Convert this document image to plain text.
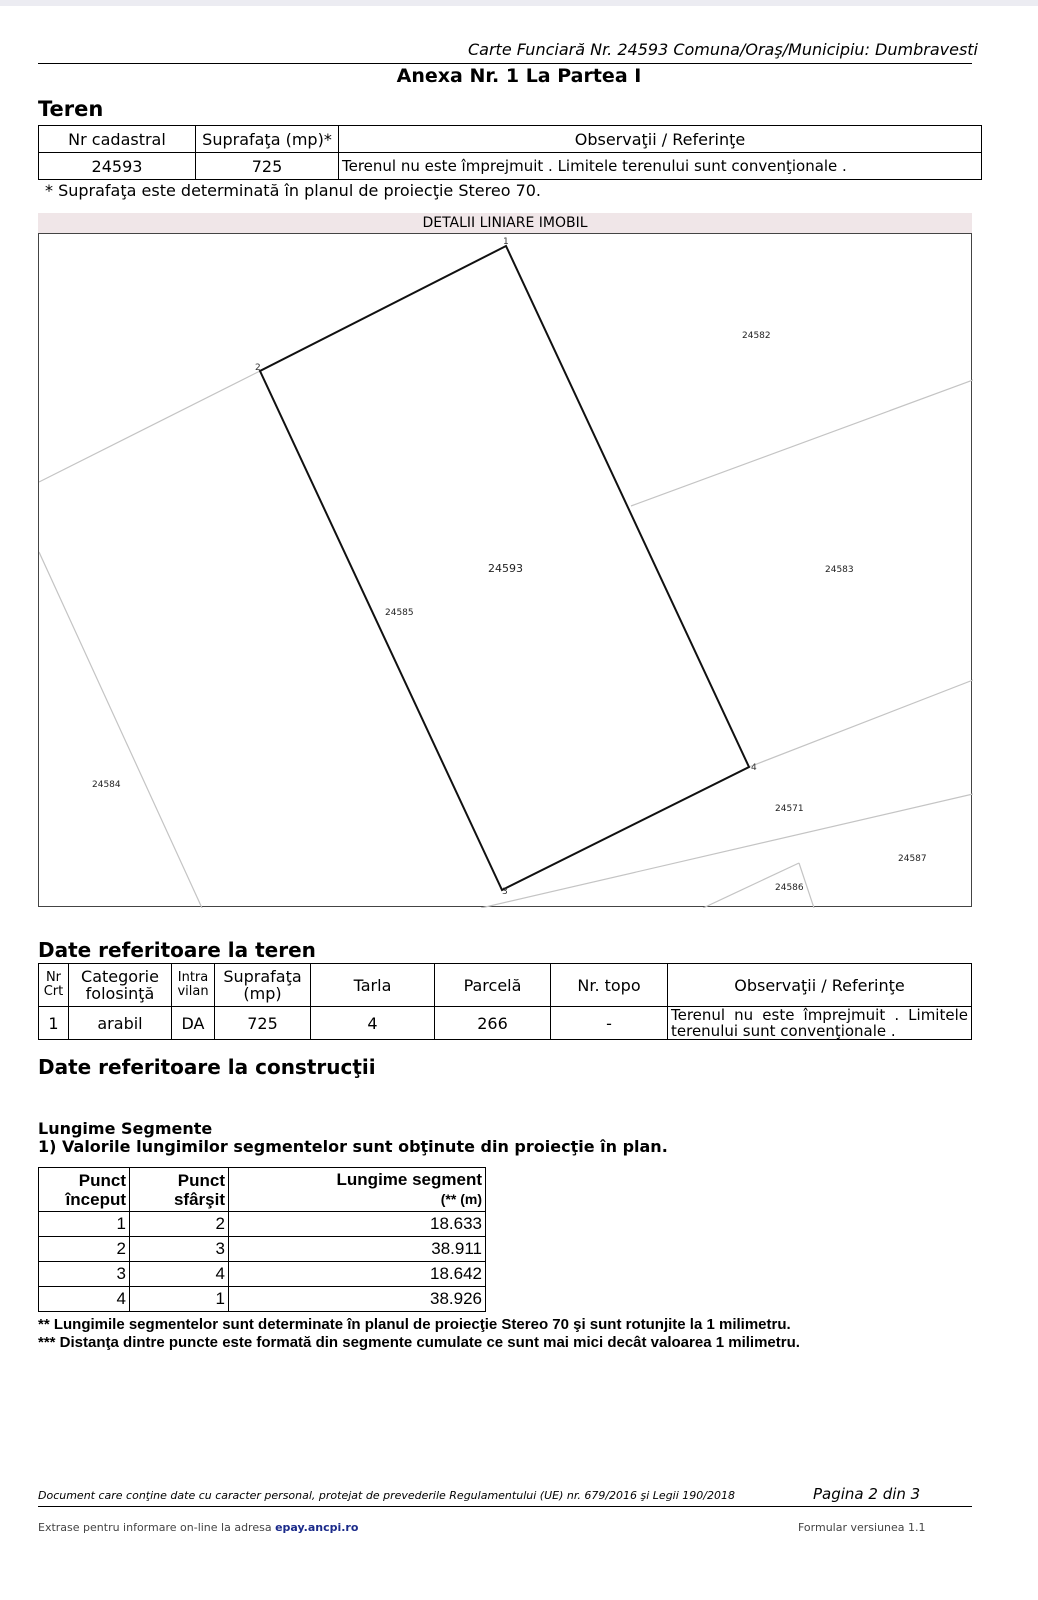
Carte Funciară Nr. 24593 Comuna/Oraş/Municipiu: Dumbravesti
Anexa Nr. 1 La Partea I
Teren
Nr cadastral	Suprafaţa (mp)*	Observaţii / Referinţe
24593	725	Terenul nu este împrejmuit . Limitele terenului sunt convenţionale .
* Suprafaţa este determinată în planul de proiecţie Stereo 70.
DETALII LINIARE IMOBIL
1
2
3
4
24593
24582
24583
24585
24584
24571
24587
24586
Date referitoare la teren
Nr Crt	Categorie folosinţă	Intra vilan	Suprafaţa (mp)	Tarla	Parcelă	Nr. topo	Observaţii / Referinţe
1	arabil	DA	725	4	266	-	Terenul nu este împrejmuit . Limitele terenului sunt convenţionale .
Date referitoare la construcţii
Lungime Segmente
1) Valorile lungimilor segmentelor sunt obţinute din proiecţie în plan.
Punct început	Punct sfârşit	Lungime segment
(** (m)
1	2	18.633
2	3	38.911
3	4	18.642
4	1	38.926
** Lungimile segmentelor sunt determinate în planul de proiecţie Stereo 70 şi sunt rotunjite la 1 milimetru.
*** Distanţa dintre puncte este formată din segmente cumulate ce sunt mai mici decât valoarea 1 milimetru.
Document care conţine date cu caracter personal, protejat de prevederile Regulamentului (UE) nr. 679/2016 şi Legii 190/2018	Pagina 2 din 3
Extrase pentru informare on-line la adresa epay.ancpi.ro	Formular versiunea 1.1
